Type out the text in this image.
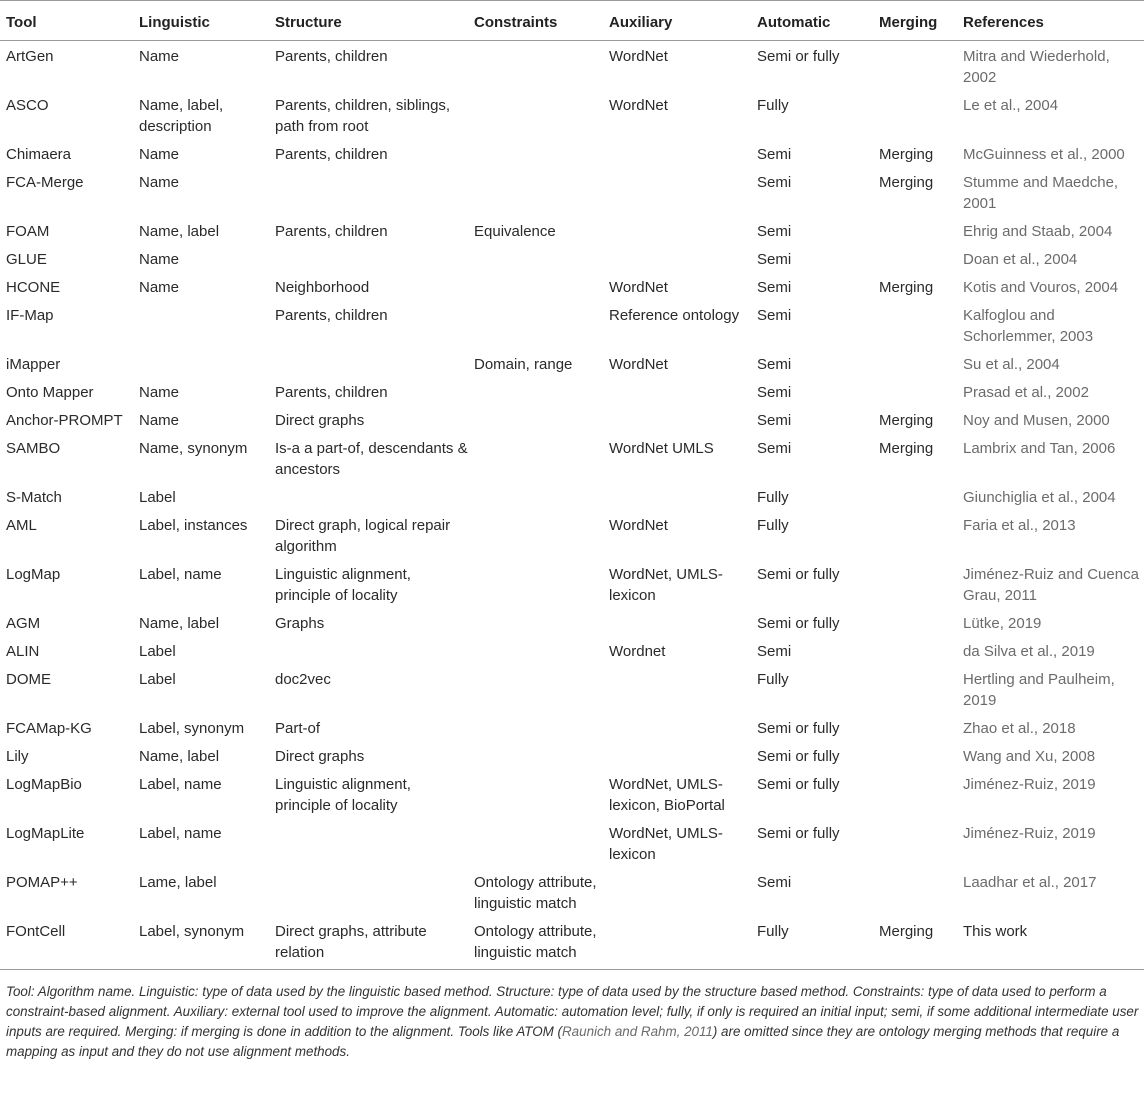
Tool	Linguistic	Structure	Constraints	Auxiliary	Automatic	Merging	References
ArtGen	Name	Parents, children		WordNet	Semi or fully		Mitra and Wiederhold, 2002
ASCO	Name, label, description	Parents, children, siblings, path from root		WordNet	Fully		Le et al., 2004
Chimaera	Name	Parents, children			Semi	Merging	McGuinness et al., 2000
FCA-Merge	Name				Semi	Merging	Stumme and Maedche, 2001
FOAM	Name, label	Parents, children	Equivalence		Semi		Ehrig and Staab, 2004
GLUE	Name				Semi		Doan et al., 2004
HCONE	Name	Neighborhood		WordNet	Semi	Merging	Kotis and Vouros, 2004
IF-Map		Parents, children		Reference ontology	Semi		Kalfoglou and Schorlemmer, 2003
iMapper			Domain, range	WordNet	Semi		Su et al., 2004
Onto Mapper	Name	Parents, children			Semi		Prasad et al., 2002
Anchor-PROMPT	Name	Direct graphs			Semi	Merging	Noy and Musen, 2000
SAMBO	Name, synonym	Is-a a part-of, descendants & ancestors		WordNet UMLS	Semi	Merging	Lambrix and Tan, 2006
S-Match	Label				Fully		Giunchiglia et al., 2004
AML	Label, instances	Direct graph, logical repair algorithm		WordNet	Fully		Faria et al., 2013
LogMap	Label, name	Linguistic alignment, principle of locality		WordNet, UMLS-lexicon	Semi or fully		Jiménez-Ruiz and Cuenca Grau, 2011
AGM	Name, label	Graphs			Semi or fully		Lütke, 2019
ALIN	Label			Wordnet	Semi		da Silva et al., 2019
DOME	Label	doc2vec			Fully		Hertling and Paulheim, 2019
FCAMap-KG	Label, synonym	Part-of			Semi or fully		Zhao et al., 2018
Lily	Name, label	Direct graphs			Semi or fully		Wang and Xu, 2008
LogMapBio	Label, name	Linguistic alignment, principle of locality		WordNet, UMLS-lexicon, BioPortal	Semi or fully		Jiménez-Ruiz, 2019
LogMapLite	Label, name			WordNet, UMLS-lexicon	Semi or fully		Jiménez-Ruiz, 2019
POMAP++	Lame, label		Ontology attribute, linguistic match		Semi		Laadhar et al., 2017
FOntCell	Label, synonym	Direct graphs, attribute relation	Ontology attribute, linguistic match		Fully	Merging	This work

Tool: Algorithm name. Linguistic: type of data used by the linguistic based method. Structure: type of data used by the structure based method. Constraints: type of data used to perform a constraint-based alignment. Auxiliary: external tool used to improve the alignment. Automatic: automation level; fully, if only is required an initial input; semi, if some additional intermediate user inputs are required. Merging: if merging is done in addition to the alignment. Tools like ATOM (Raunich and Rahm, 2011) are omitted since they are ontology merging methods that require a mapping as input and they do not use alignment methods.
